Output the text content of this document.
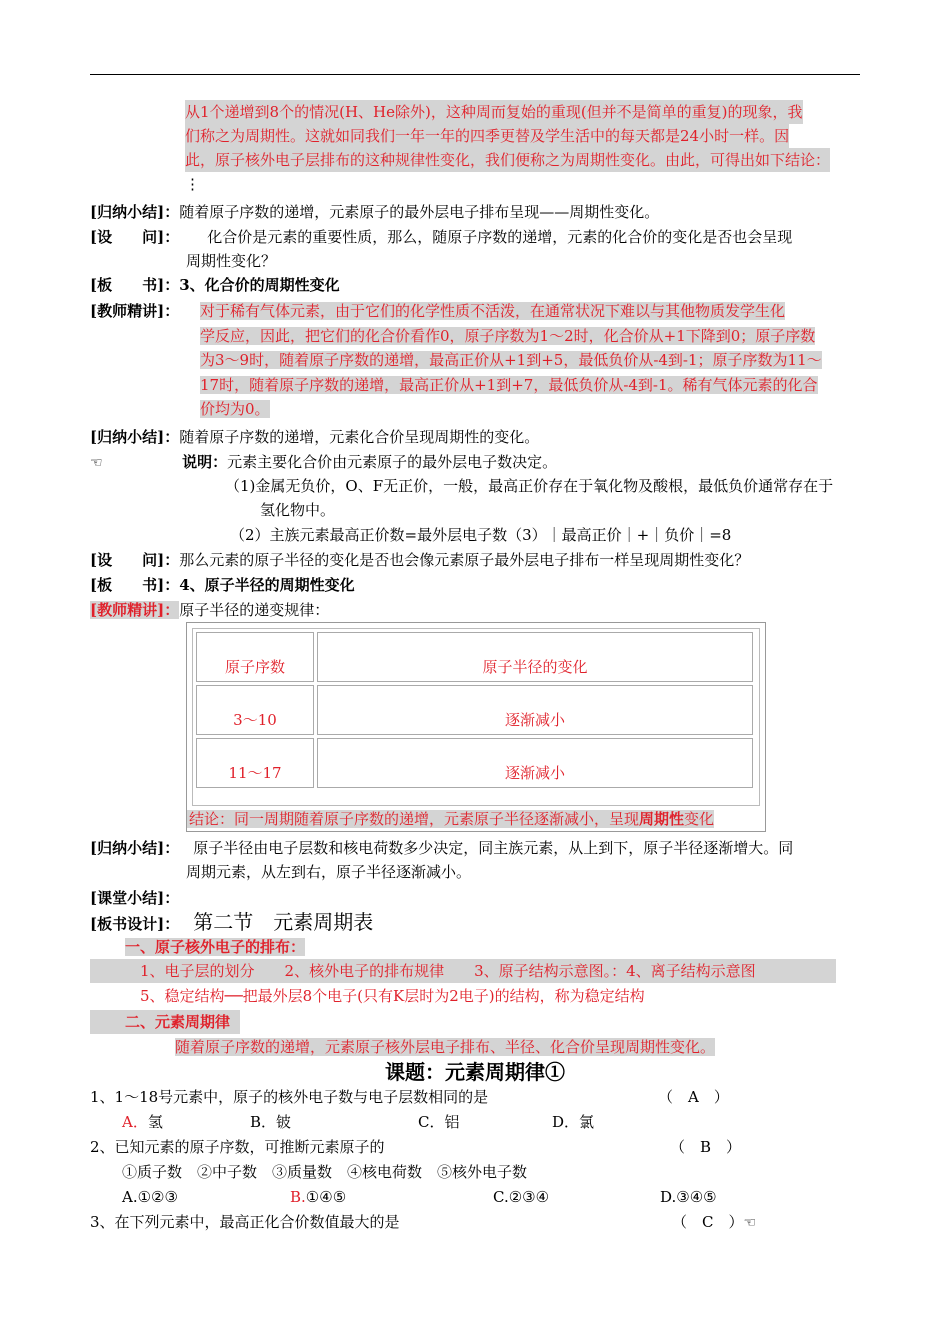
从1个递增到8个的情况(H、He除外)，这种周而复始的重现(但并不是简单的重复)的现象，我
们称之为周期性。这就如同我们一年一年的四季更替及学生活中的每天都是24小时一样。因
此，原子核外电子层排布的这种规律性变化，我们便称之为周期性变化。由此，可得出如下结论：
⋮
[归纳小结]：随着原子序数的递增，元素原子的最外层电子排布呈现——周期性变化。
[设　　问]： 化合价是元素的重要性质，那么，随原子序数的递增，元素的化合价的变化是否也会呈现
周期性变化？
[板　　书]：3、化合价的周期性变化
[教师精讲]： 对于稀有气体元素，由于它们的化学性质不活泼，在通常状况下难以与其他物质发学生化
学反应，因此，把它们的化合价看作0，原子序数为1～2时，化合价从+1下降到0；原子序数
为3～9时，随着原子序数的递增，最高正价从+1到+5，最低负价从-4到-1；原子序数为11～
17时，随着原子序数的递增，最高正价从+1到+7，最低负价从-4到-1。稀有气体元素的化合
价均为0。
[归纳小结]：随着原子序数的递增，元素化合价呈现周期性的变化。
☜	说明：元素主要化合价由元素原子的最外层电子数决定。
（1)金属无负价，O、F无正价，一般，最高正价存在于氧化物及酸根，最低负价通常存在于
氢化物中。
（2）主族元素最高正价数=最外层电子数（3）｜最高正价｜+｜负价｜=8
[设　　问]：那么元素的原子半径的变化是否也会像元素原子最外层电子排布一样呈现周期性变化？
[板　　书]：4、原子半径的周期性变化
[教师精讲]：原子半径的递变规律：
原子序数	原子半径的变化
3～10	逐渐减小
11～17	逐渐减小
结论：同一周期随着原子序数的递增，元素原子半径逐渐减小，呈现周期性变化
[归纳小结]： 原子半径由电子层数和核电荷数多少决定，同主族元素，从上到下，原子半径逐渐增大。同
周期元素，从左到右，原子半径逐渐减小。
[课堂小结]：
[板书设计]： 第二节　元素周期表
一、原子核外电子的排布：
1、电子层的划分　　2、核外电子的排布规律　　3、原子结构示意图。：4、离子结构示意图
5、稳定结构──把最外层8个电子(只有K层时为2电子)的结构，称为稳定结构
二、元素周期律
随着原子序数的递增，元素原子核外层电子排布、半径、化合价呈现周期性变化。
课题：元素周期律①
1、1～18号元素中，原子的核外电子数与电子层数相同的是	（　A　）
A．氢	B．铍	C．铝	D．氯
2、已知元素的原子序数，可推断元素原子的	（　B　）
①质子数　②中子数　③质量数　④核电荷数　⑤核外电子数
A.①②③	B.①④⑤	C.②③④	D.③④⑤
3、在下列元素中，最高正化合价数值最大的是	（　C　）☜
